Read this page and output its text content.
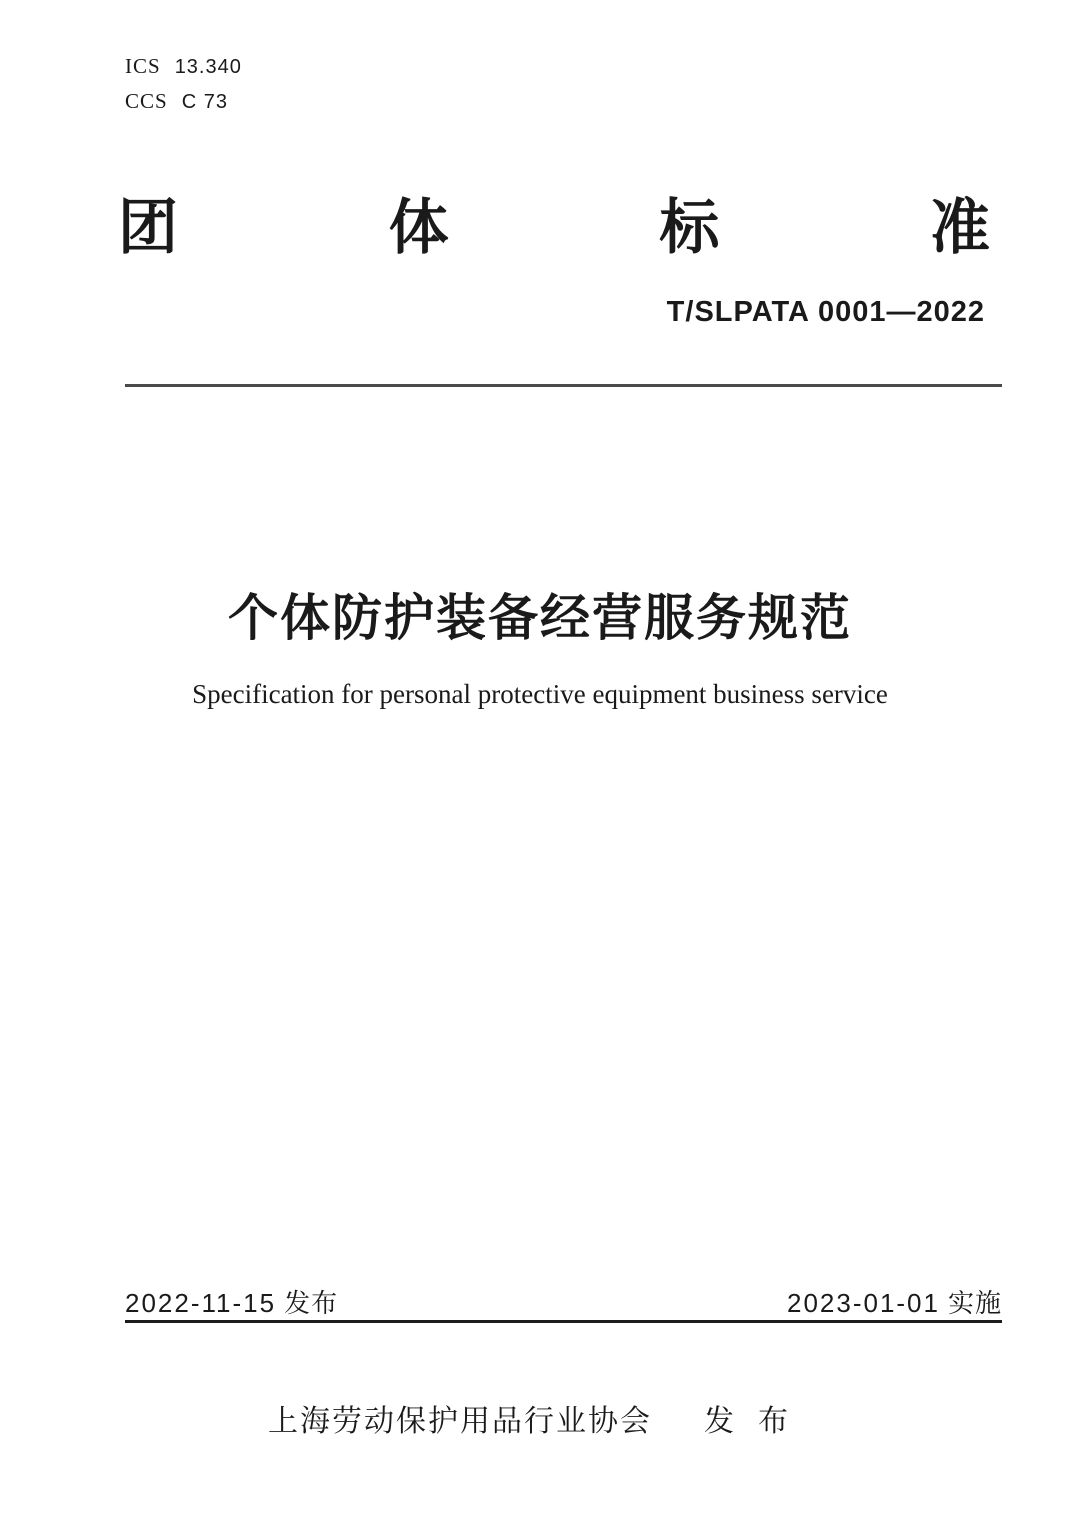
ICS 13.340
CCS C 73
团	体	标	准
T/SLPATA 0001—2022
个体防护装备经营服务规范
Specification for personal protective equipment business service
2022-11-15 发布	2023-01-01 实施
上海劳动保护用品行业协会 发布
